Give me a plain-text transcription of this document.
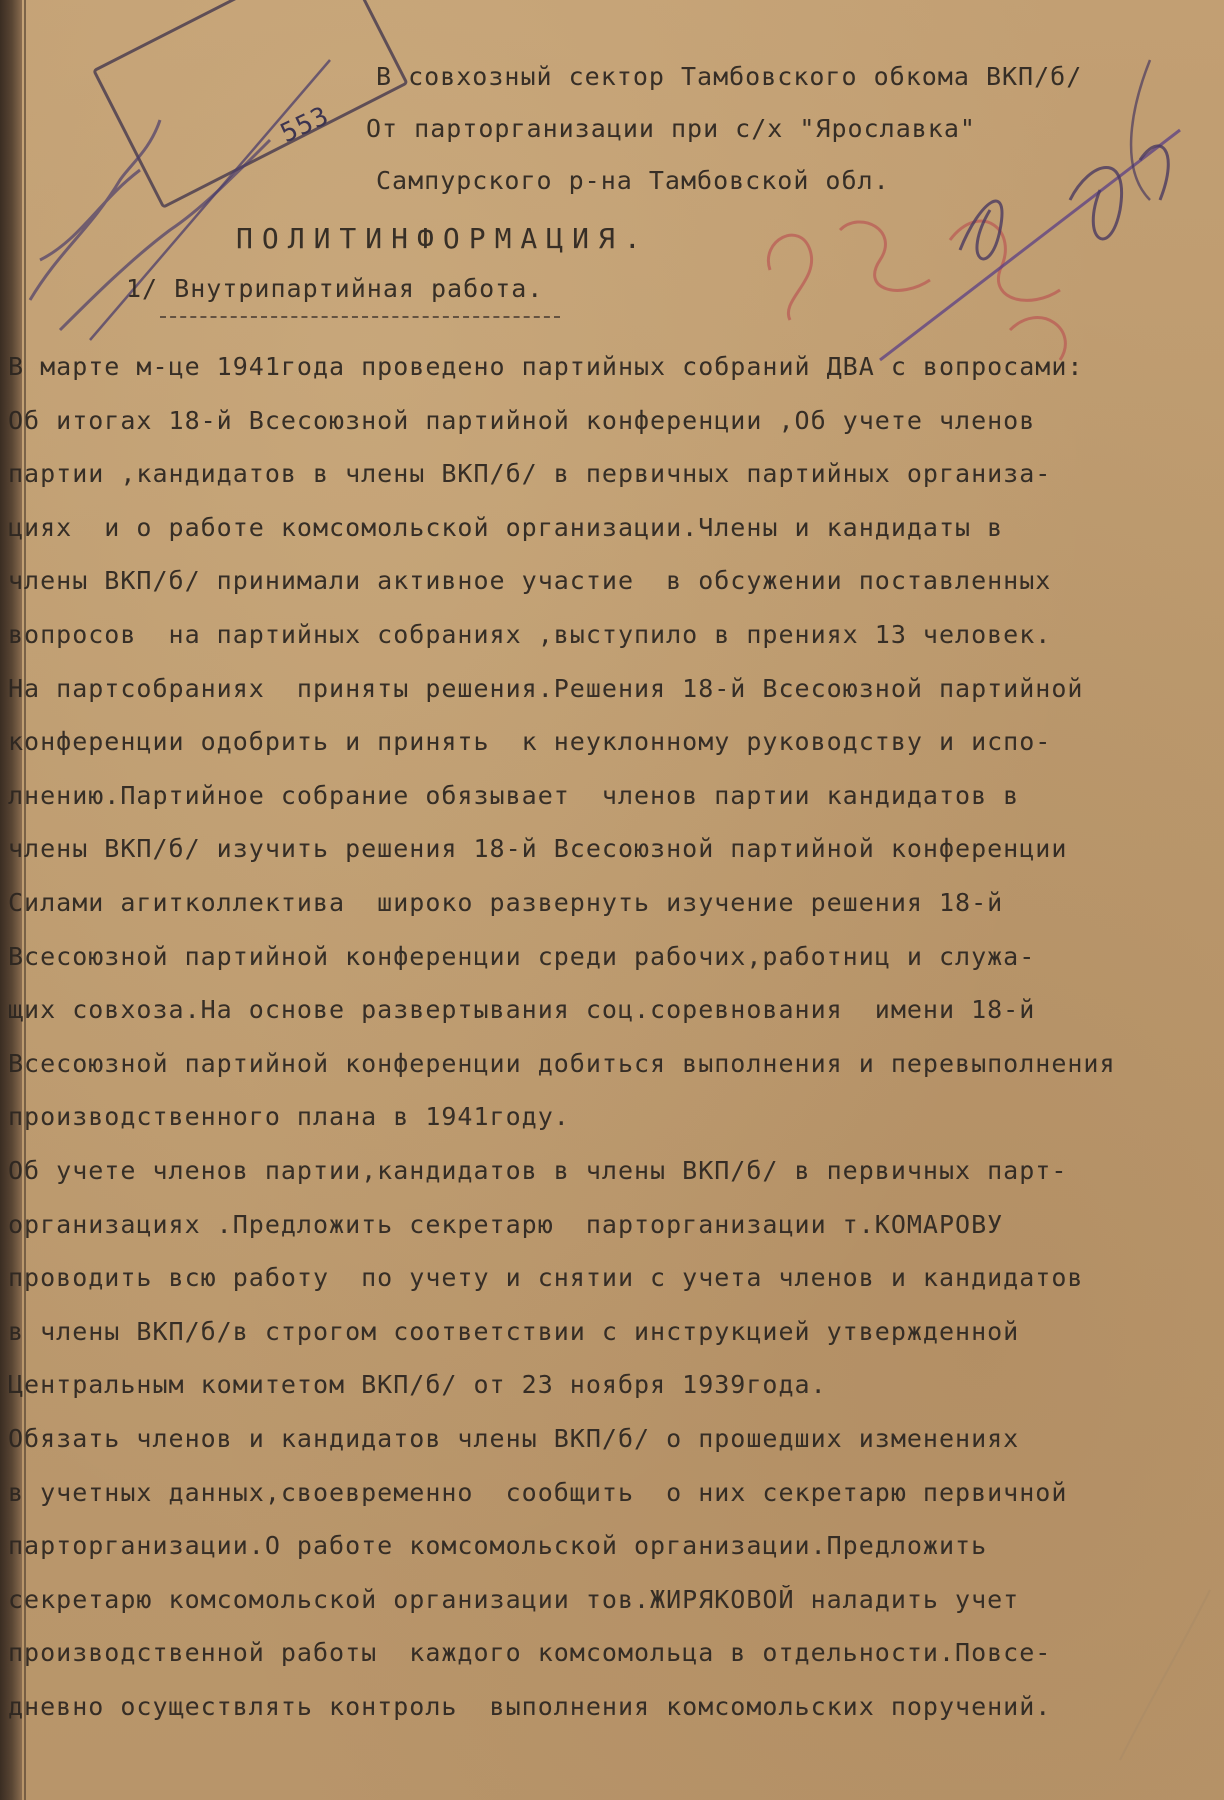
553
В совхозный сектор Тамбовского обкома ВКП/б/
От парторганизации при с/х "Ярославка"
Сампурского р-на Тамбовской обл.
ПОЛИТИНФОРМАЦИЯ.
1/ Внутрипартийная работа.
В марте м-це 1941года проведено партийных собраний ДВА с вопросами:
Об итогах 18-й Всесоюзной партийной конференции ,Об учете членов
партии ,кандидатов в члены ВКП/б/ в первичных партийных организа-
циях  и о работе комсомольской организации.Члены и кандидаты в
члены ВКП/б/ принимали активное участие  в обсужении поставленных
вопросов  на партийных собраниях ,выступило в прениях 13 человек.
На партсобраниях  приняты решения.Решения 18-й Всесоюзной партийной
конференции одобрить и принять  к неуклонному руководству и испо-
лнению.Партийное собрание обязывает  членов партии кандидатов в
члены ВКП/б/ изучить решения 18-й Всесоюзной партийной конференции
Силами агитколлектива  широко развернуть изучение решения 18-й
Всесоюзной партийной конференции среди рабочих,работниц и служа-
щих совхоза.На основе развертывания соц.соревнования  имени 18-й
Всесоюзной партийной конференции добиться выполнения и перевыполнения
производственного плана в 1941году.
Об учете членов партии,кандидатов в члены ВКП/б/ в первичных парт-
организациях .Предложить секретарю  парторганизации т.КОМАРОВУ
проводить всю работу  по учету и снятии с учета членов и кандидатов
в члены ВКП/б/в строгом соответствии с инструкцией утвержденной
Центральным комитетом ВКП/б/ от 23 ноября 1939года.
Обязать членов и кандидатов члены ВКП/б/ о прошедших изменениях
в учетных данных,своевременно  сообщить  о них секретарю первичной
парторганизации.О работе комсомольской организации.Предложить
секретарю комсомольской организации тов.ЖИРЯКОВОЙ наладить учет
производственной работы  каждого комсомольца в отдельности.Повсе-
дневно осуществлять контроль  выполнения комсомольских поручений.
